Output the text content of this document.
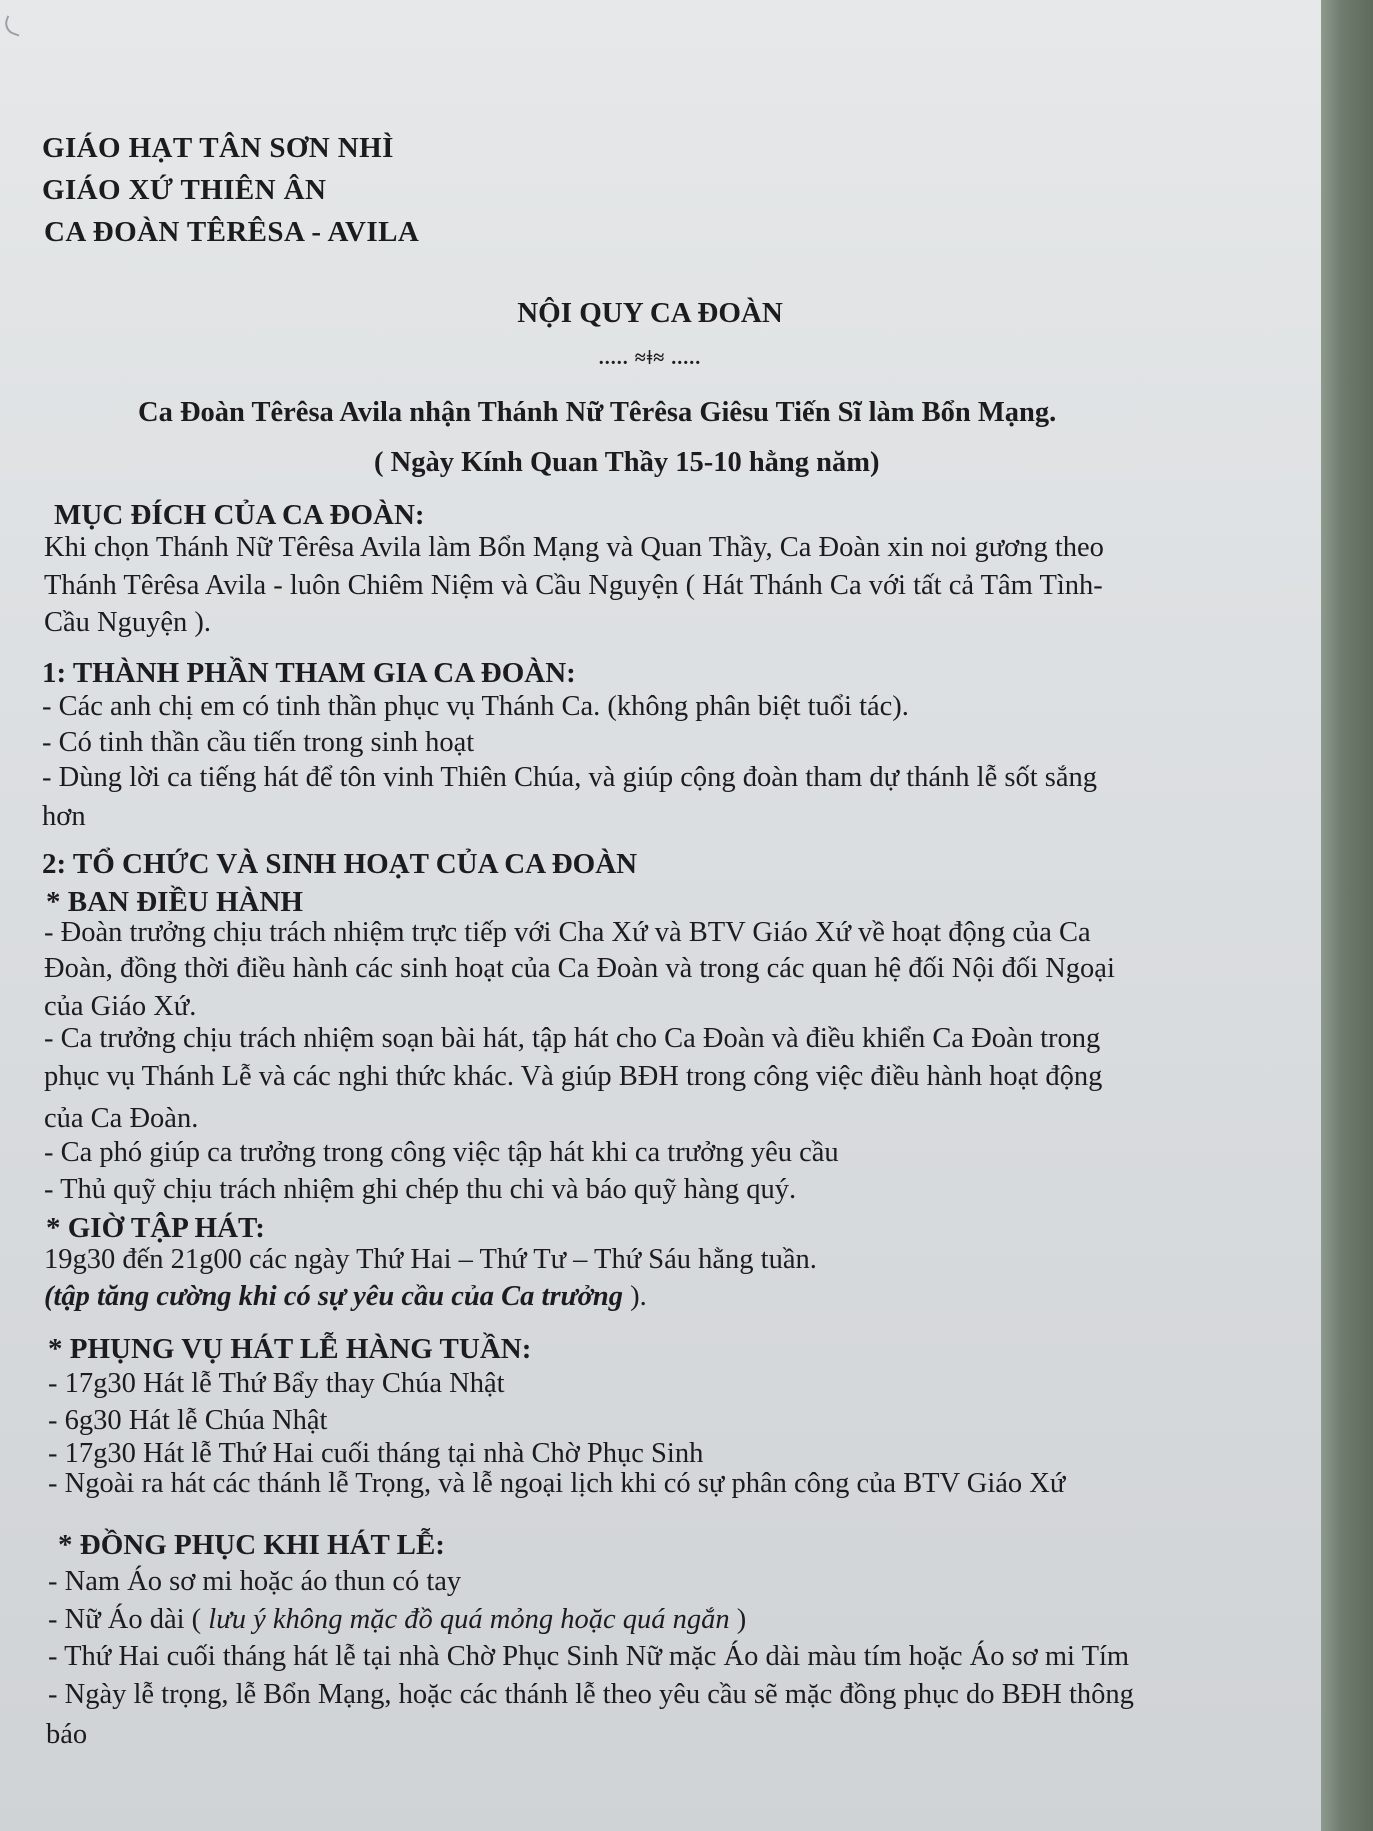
GIÁO HẠT TÂN SƠN NHÌ
GIÁO XỨ THIÊN ÂN
CA ĐOÀN TÊRÊSA - AVILA
NỘI QUY CA ĐOÀN
..... ≈ǂ≈ .....
Ca Đoàn Têrêsa Avila nhận Thánh Nữ Têrêsa Giêsu Tiến Sĩ làm Bổn Mạng.
( Ngày Kính Quan Thầy 15-10 hằng năm)
MỤC ĐÍCH CỦA CA ĐOÀN:
Khi chọn Thánh Nữ Têrêsa Avila làm Bổn Mạng và Quan Thầy, Ca Đoàn xin noi gương theo
Thánh Têrêsa Avila - luôn Chiêm Niệm và Cầu Nguyện ( Hát Thánh Ca với tất cả Tâm Tình-
Cầu Nguyện ).
1: THÀNH PHẦN THAM GIA CA ĐOÀN:
- Các anh chị em có tinh thần phục vụ Thánh Ca. (không phân biệt tuổi tác).
- Có tinh thần cầu tiến trong sinh hoạt
- Dùng lời ca tiếng hát để tôn vinh Thiên Chúa, và giúp cộng đoàn tham dự thánh lễ sốt sắng
hơn
2: TỔ CHỨC VÀ SINH HOẠT CỦA CA ĐOÀN
* BAN ĐIỀU HÀNH
- Đoàn trưởng chịu trách nhiệm trực tiếp với Cha Xứ và BTV Giáo Xứ về hoạt động của Ca
Đoàn, đồng thời điều hành các sinh hoạt của Ca Đoàn và trong các quan hệ đối Nội đối Ngoại
của Giáo Xứ.
- Ca trưởng chịu trách nhiệm soạn bài hát, tập hát cho Ca Đoàn và điều khiển Ca Đoàn trong
phục vụ Thánh Lễ và các nghi thức khác. Và giúp BĐH trong công việc điều hành hoạt động
của Ca Đoàn.
- Ca phó giúp ca trưởng trong công việc tập hát khi ca trưởng yêu cầu
- Thủ quỹ chịu trách nhiệm ghi chép thu chi và báo quỹ hàng quý.
* GIỜ TẬP HÁT:
19g30 đến 21g00 các ngày Thứ Hai – Thứ Tư – Thứ Sáu hằng tuần.
(tập tăng cường khi có sự yêu cầu của Ca trưởng ).
* PHỤNG VỤ HÁT LỄ HÀNG TUẦN:
- 17g30 Hát lễ Thứ Bẩy thay Chúa Nhật
- 6g30 Hát lễ Chúa Nhật
- 17g30 Hát lễ Thứ Hai cuối tháng tại nhà Chờ Phục Sinh
- Ngoài ra hát các thánh lễ Trọng, và lễ ngoại lịch khi có sự phân công của BTV Giáo Xứ
* ĐỒNG PHỤC KHI HÁT LỄ:
- Nam Áo sơ mi hoặc áo thun có tay
- Nữ Áo dài ( lưu ý không mặc đồ quá mỏng hoặc quá ngắn )
- Thứ Hai cuối tháng hát lễ tại nhà Chờ Phục Sinh Nữ mặc Áo dài màu tím hoặc Áo sơ mi Tím
- Ngày lễ trọng, lễ Bổn Mạng, hoặc các thánh lễ theo yêu cầu sẽ mặc đồng phục do BĐH thông
báo
